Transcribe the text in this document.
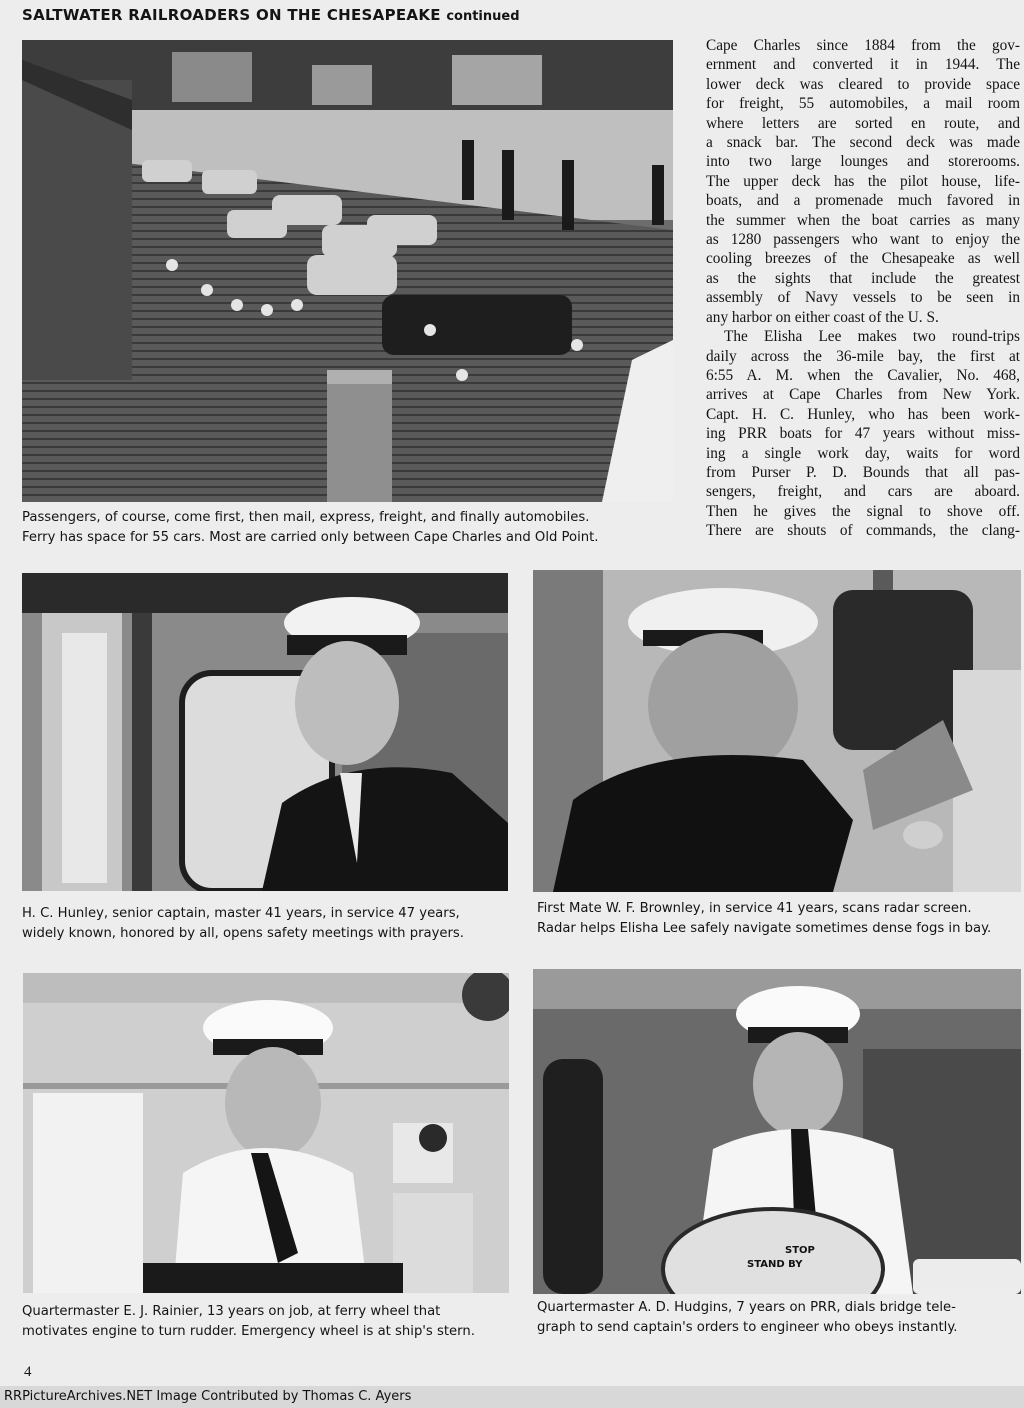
SALTWATER RAILROADERS ON THE CHESAPEAKE continued
Passengers, of course, come first, then mail, express, freight, and finally automobiles.
Ferry has space for 55 cars. Most are carried only between Cape Charles and Old Point.

Cape Charles since 1884 from the gov-

ernment and converted it in 1944. The

lower deck was cleared to provide space

for freight, 55 automobiles, a mail room

where letters are sorted en route, and

a snack bar. The second deck was made

into two large lounges and storerooms.

The upper deck has the pilot house, life-

boats, and a promenade much favored in

the summer when the boat carries as many

as 1280 passengers who want to enjoy the

cooling breezes of the Chesapeake as well

as the sights that include the greatest

assembly of Navy vessels to be seen in

any harbor on either coast of the U. S.

The Elisha Lee makes two round-trips

daily across the 36-mile bay, the first at

6:55 A. M. when the Cavalier, No. 468,

arrives at Cape Charles from New York.

Capt. H. C. Hunley, who has been work-

ing PRR boats for 47 years without miss-

ing a single work day, waits for word

from Purser P. D. Bounds that all pas-

sengers, freight, and cars are aboard.

Then he gives the signal to shove off.

There are shouts of commands, the clang-

H. C. Hunley, senior captain, master 41 years, in service 47 years,
widely known, honored by all, opens safety meetings with prayers.
First Mate W. F. Brownley, in service 41 years, scans radar screen.
Radar helps Elisha Lee safely navigate sometimes dense fogs in bay.
Quartermaster E. J. Rainier, 13 years on job, at ferry wheel that
motivates engine to turn rudder. Emergency wheel is at ship's stern.
STAND BY
STOP
Quartermaster A. D. Hudgins, 7 years on PRR, dials bridge tele-
graph to send captain's orders to engineer who obeys instantly.
4
RRPictureArchives.NET Image Contributed by Thomas C. Ayers
